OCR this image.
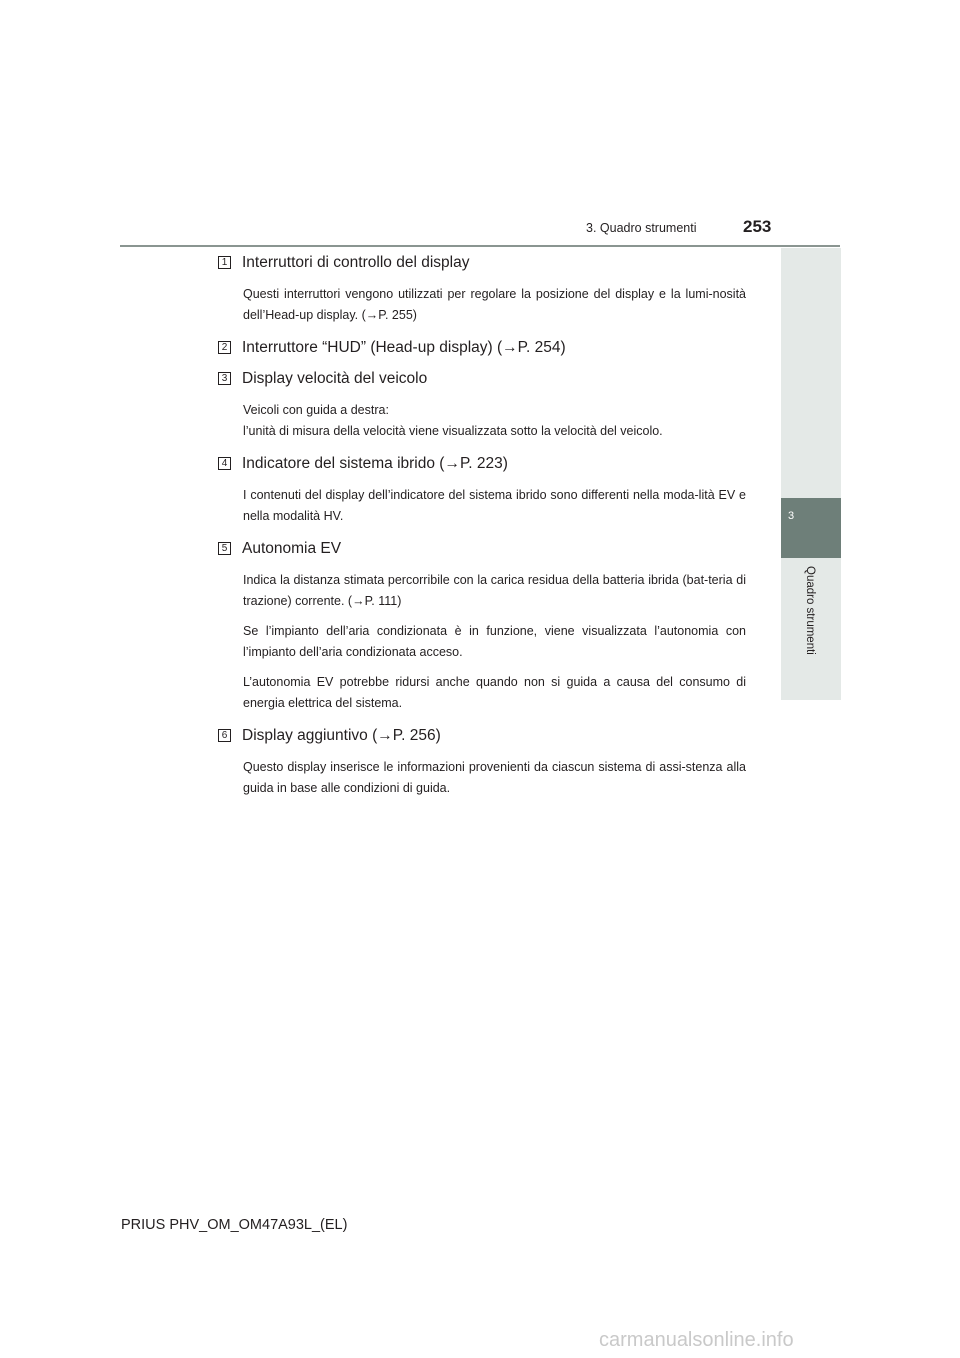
3. Quadro strumenti	253
3
Quadro strumenti
1 Interruttori di controllo del display

Questi interruttori vengono utilizzati per regolare la posizione del display e la lumi-nosità dell’Head-up display. (→P. 255)

2 Interruttore “HUD” (Head-up display) (→P. 254)
3 Display velocità del veicolo

Veicoli con guida a destra:
l’unità di misura della velocità viene visualizzata sotto la velocità del veicolo.

4 Indicatore del sistema ibrido (→P. 223)

I contenuti del display dell’indicatore del sistema ibrido sono differenti nella moda-lità EV e nella modalità HV.

5 Autonomia EV

Indica la distanza stimata percorribile con la carica residua della batteria ibrida (bat-teria di trazione) corrente. (→P. 111)

Se l’impianto dell’aria condizionata è in funzione, viene visualizzata l’autonomia con l’impianto dell’aria condizionata acceso.

L’autonomia EV potrebbe ridursi anche quando non si guida a causa del consumo di energia elettrica del sistema.

6 Display aggiuntivo (→P. 256)

Questo display inserisce le informazioni provenienti da ciascun sistema di assi-stenza alla guida in base alle condizioni di guida.

PRIUS PHV_OM_OM47A93L_(EL)
carmanualsonline.info
